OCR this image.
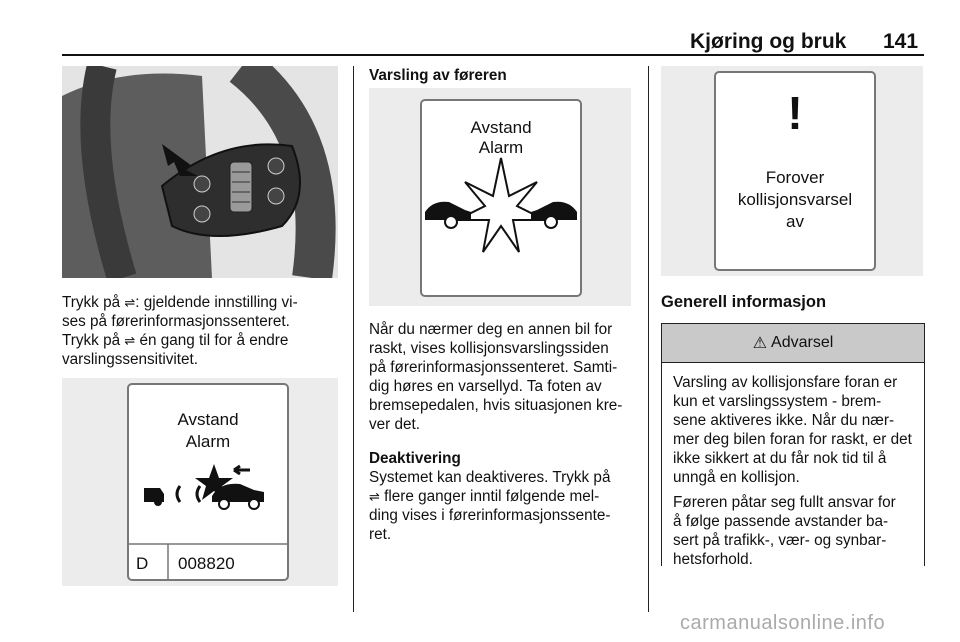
Kjøring og bruk 141

Trykk på ⇌: gjeldende innstilling vi-
ses på førerinformasjonssenteret.
Trykk på ⇌ én gang til for å endre
varslingssensitivitet.

Avstand
Alarm
D 008820
Varsling av føreren
Avstand
Alarm

Når du nærmer deg en annen bil for
raskt, vises kollisjonsvarslingssiden
på førerinformasjonssenteret. Samti-
dig høres en varsellyd. Ta foten av
bremsepedalen, hvis situasjonen kre-
ver det.

Deaktivering
Systemet kan deaktiveres. Trykk på
⇌ flere ganger inntil følgende mel-
ding vises i førerinformasjonssente-
ret.

!
Forover
kollisjonsvarsel
av
Generell informasjon
⚠ Advarsel

Varsling av kollisjonsfare foran er
kun et varslingssystem - brem-
sene aktiveres ikke. Når du nær-
mer deg bilen foran for raskt, er det
ikke sikkert at du får nok tid til å
unngå en kollisjon.

Føreren påtar seg fullt ansvar for
å følge passende avstander ba-
sert på trafikk-, vær- og synbar-
hetsforhold.

carmanualsonline.info
